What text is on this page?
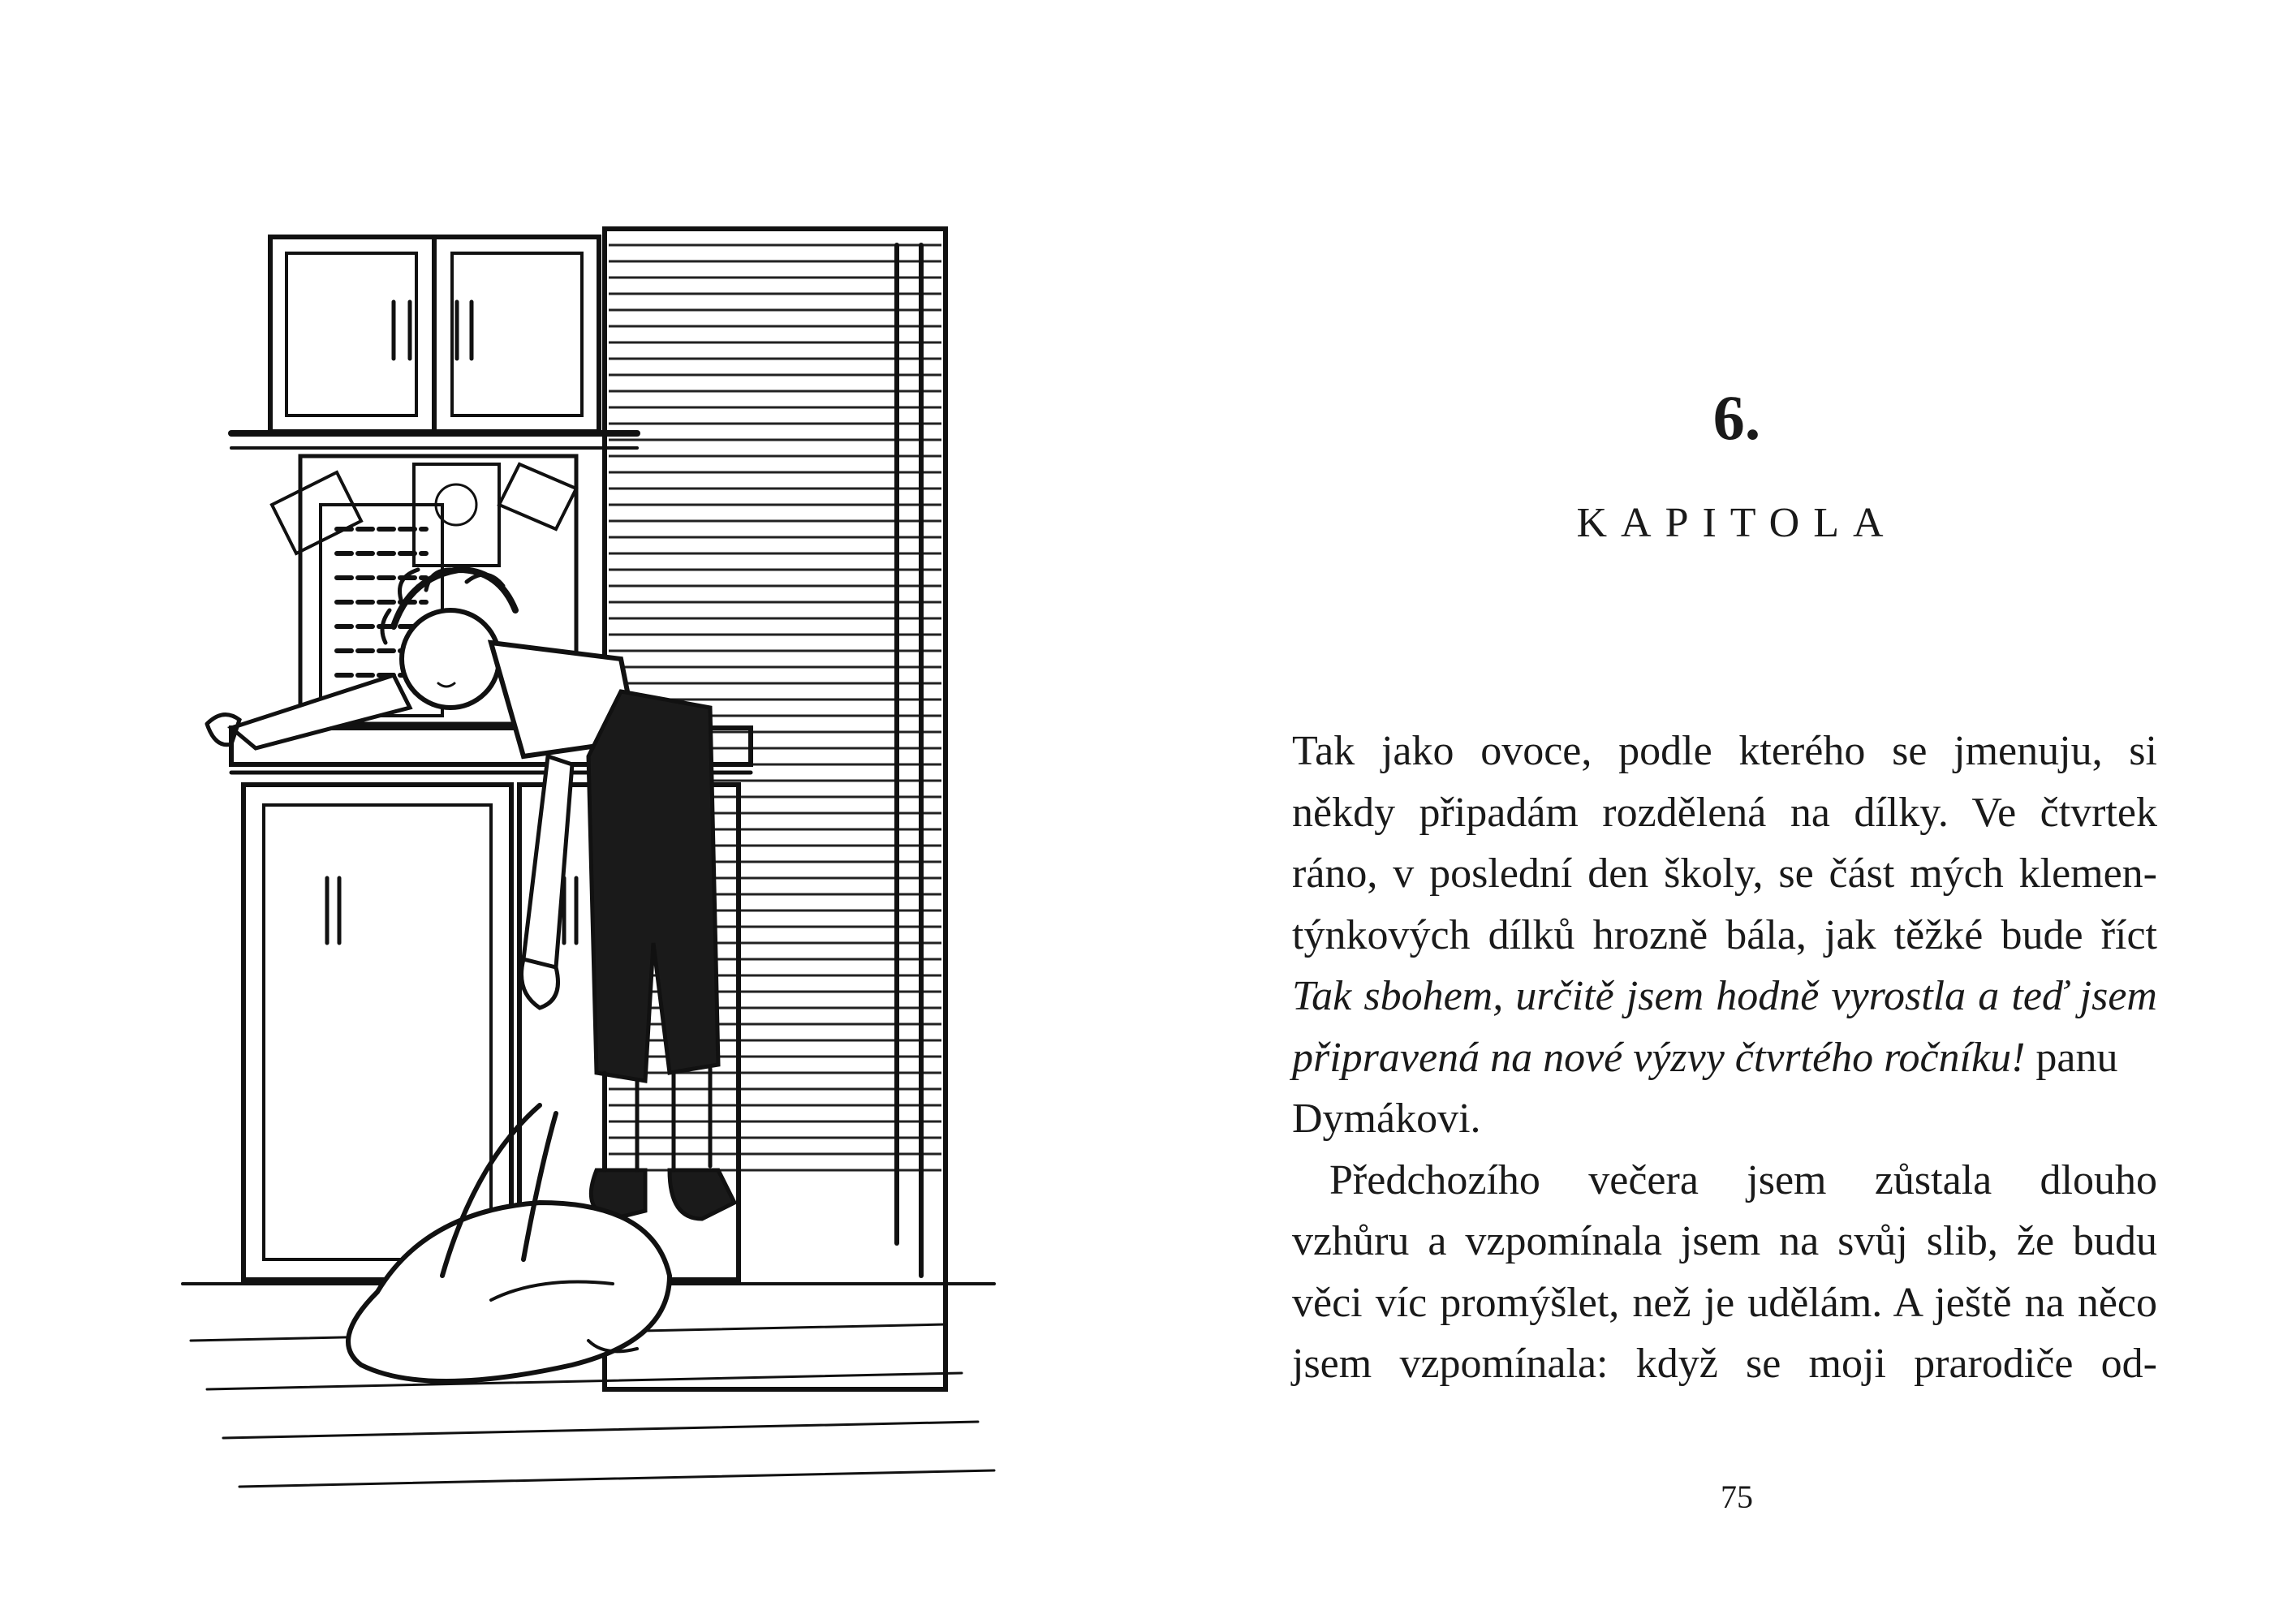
6.
KAPITOLA
Tak jako ovoce, podle kterého se jmenuju, si
někdy připadám rozdělená na dílky. Ve čtvrtek
ráno, v poslední den školy, se část mých klemen-
týnkových dílků hrozně bála, jak těžké bude říct
Tak sbohem, určitě jsem hodně vyrostla a teď jsem
připravená na nové výzvy čtvrtého ročníku! panu
Dymákovi.
Předchozího večera jsem zůstala dlouho
vzhůru a vzpomínala jsem na svůj slib, že budu
věci víc promýšlet, než je udělám. A ještě na něco
jsem vzpomínala: když se moji prarodiče od-
75
